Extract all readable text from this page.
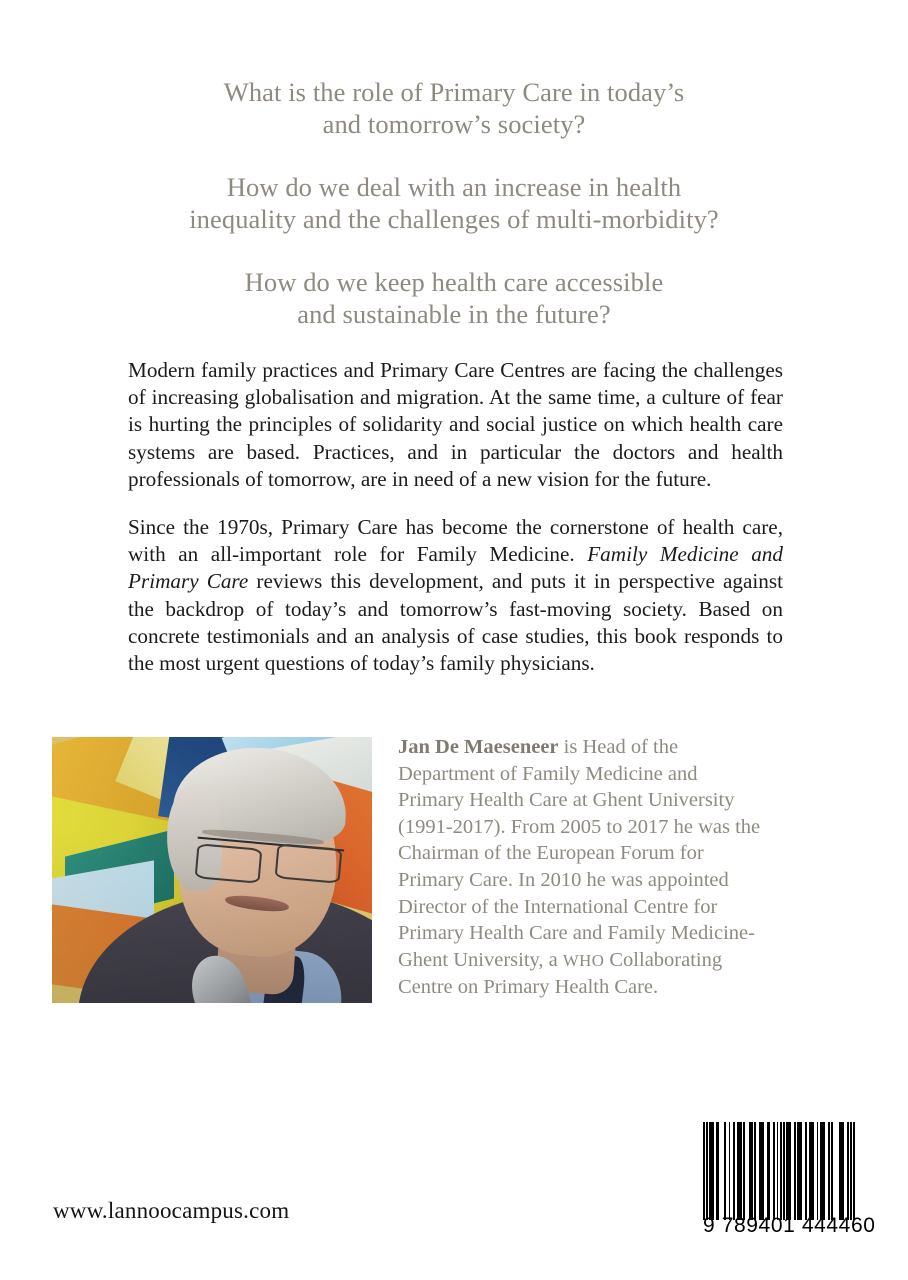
What is the role of Primary Care in today’s
and tomorrow’s society?
How do we deal with an increase in health
inequality and the challenges of multi-morbidity?
How do we keep health care accessible
and sustainable in the future?

Modern family practices and Primary Care Centres are facing the challenges of increasing globalisation and migration. At the same time, a culture of fear is hurting the principles of solidarity and social justice on which health care systems are based. Practices, and in particular the doctors and health professionals of tomorrow, are in need of a new vision for the future.

Since the 1970s, Primary Care has become the cornerstone of health care, with an all-important role for Family Medicine. Family Medicine and Primary Care reviews this development, and puts it in perspective against the backdrop of today’s and tomorrow’s fast-moving society. Based on concrete testimonials and an analysis of case studies, this book responds to the most urgent questions of today’s family physicians.

Jan De Maeseneer is Head of the Department of Family Medicine and Primary Health Care at Ghent University (1991-2017). From 2005 to 2017 he was the Chairman of the European Forum for Primary Care. In 2010 he was appointed Director of the International Centre for Primary Health Care and Family Medicine-Ghent University, a WHO Collaborating Centre on Primary Health Care.
www.lannoocampus.com
9 789401 444460
